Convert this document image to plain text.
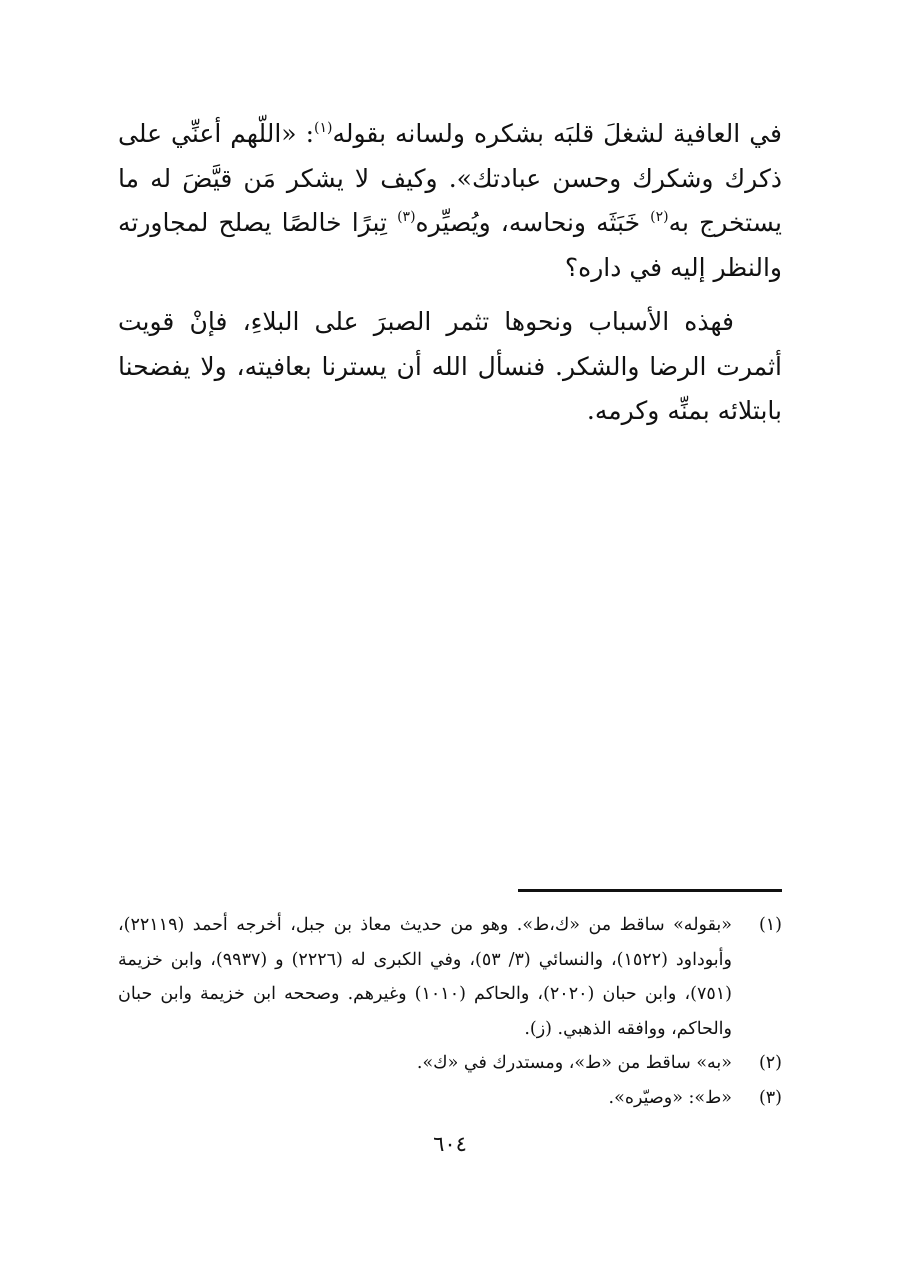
في العافية لشغلَ قلبَه بشكره ولسانه بقوله$^{(١)}$: «اللّهم أعنِّي على ذكرك وشكرك وحسن عبادتك». وكيف لا يشكر مَن قيَّضَ له ما يستخرج به$^{(٢)}$ خَبَثَه ونحاسه، ويُصيِّره$^{(٣)}$ تِبرًا خالصًا يصلح لمجاورته والنظر إليه في داره؟

فهذه الأسباب ونحوها تثمر الصبرَ على البلاءِ، فإنْ قويت أثمرت الرضا والشكر. فنسأل الله أن يسترنا بعافيته، ولا يفضحنا بابتلائه بمنِّه وكرمه.

(١)
«بقوله» ساقط من «ك،ط». وهو من حديث معاذ بن جبل، أخرجه أحمد (٢٢١١٩)، وأبوداود (١٥٢٢)، والنسائي (٣/ ٥٣)، وفي الكبرى له (٢٢٢٦) و (٩٩٣٧)، وابن خزيمة (٧٥١)، وابن حبان (٢٠٢٠)، والحاكم (١٠١٠) وغيرهم. وصححه ابن خزيمة وابن حبان والحاكم، ووافقه الذهبي. (ز).
(٢)
«به» ساقط من «ط»، ومستدرك في «ك».
(٣)
«ط»: «وصيّره».
٦٠٤
